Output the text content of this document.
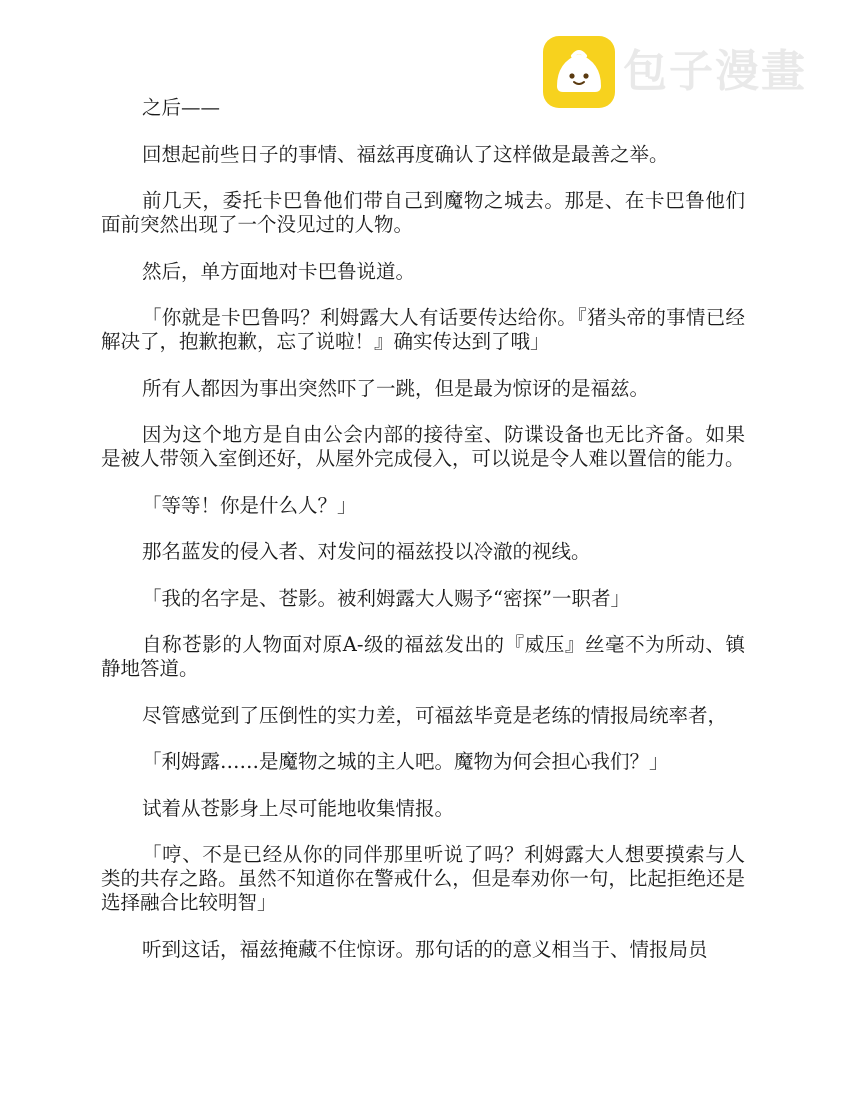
包子漫畫

之后——

回想起前些日子的事情、福兹再度确认了这样做是最善之举。

前几天，委托卡巴鲁他们带自己到魔物之城去。那是、在卡巴鲁他们面前突然出现了一个没见过的人物。

然后，单方面地对卡巴鲁说道。

「你就是卡巴鲁吗？利姆露大人有话要传达给你。『猪头帝的事情已经解决了，抱歉抱歉，忘了说啦！』确实传达到了哦」

所有人都因为事出突然吓了一跳，但是最为惊讶的是福兹。

因为这个地方是自由公会内部的接待室、防谍设备也无比齐备。如果是被人带领入室倒还好，从屋外完成侵入，可以说是令人难以置信的能力。

「等等！你是什么人？」

那名蓝发的侵入者、对发问的福兹投以冷澈的视线。

「我的名字是、苍影。被利姆露大人赐予“密探”一职者」

自称苍影的人物面对原A-级的福兹发出的『威压』丝毫不为所动、镇静地答道。

尽管感觉到了压倒性的实力差，可福兹毕竟是老练的情报局统率者，

「利姆露……是魔物之城的主人吧。魔物为何会担心我们？」

试着从苍影身上尽可能地收集情报。

「哼、不是已经从你的同伴那里听说了吗？利姆露大人想要摸索与人类的共存之路。虽然不知道你在警戒什么，但是奉劝你一句，比起拒绝还是选择融合比较明智」

听到这话，福兹掩藏不住惊讶。那句话的的意义相当于、情报局员
